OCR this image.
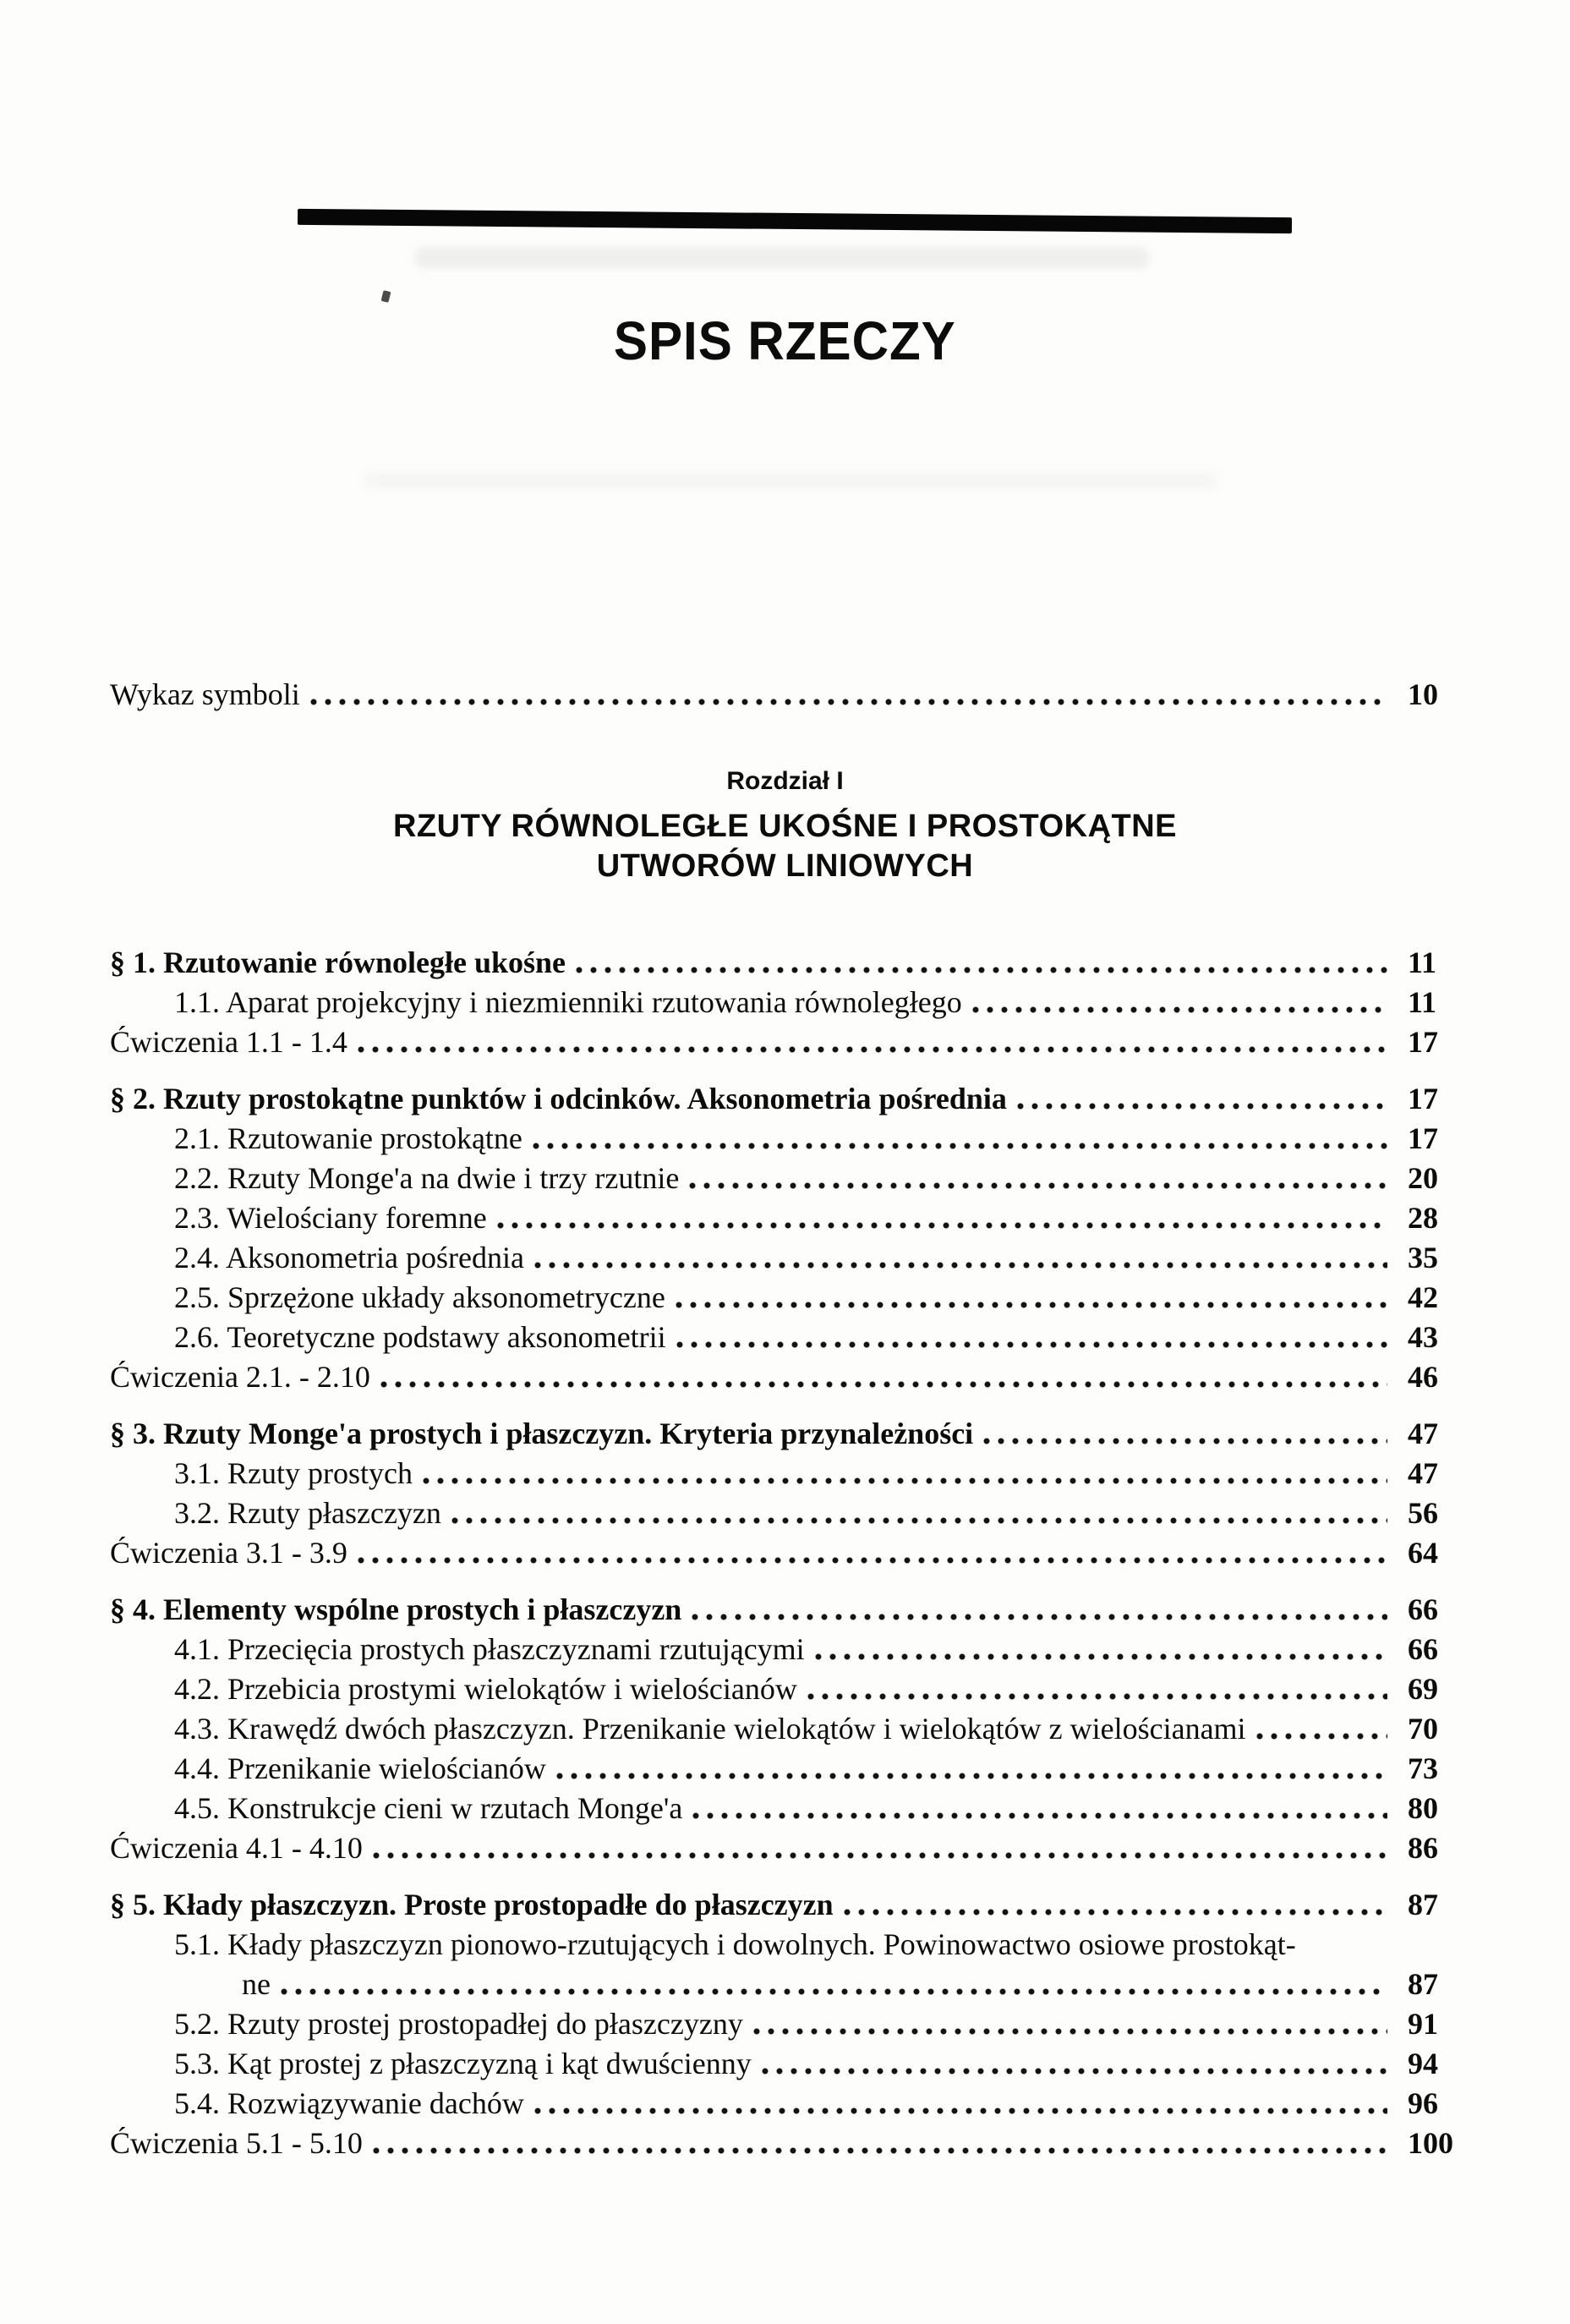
SPIS RZECZY
Wykaz symboli	10
Rozdział I
RZUTY RÓWNOLEGŁE UKOŚNE I PROSTOKĄTNE
UTWORÓW LINIOWYCH
§ 1. Rzutowanie równoległe ukośne	11
1.1. Aparat projekcyjny i niezmienniki rzutowania równoległego	11
Ćwiczenia 1.1 - 1.4	17
§ 2. Rzuty prostokątne punktów i odcinków. Aksonometria pośrednia	17
2.1. Rzutowanie prostokątne	17
2.2. Rzuty Monge'a na dwie i trzy rzutnie	20
2.3. Wielościany foremne	28
2.4. Aksonometria pośrednia	35
2.5. Sprzężone układy aksonometryczne	42
2.6. Teoretyczne podstawy aksonometrii	43
Ćwiczenia 2.1. - 2.10	46
§ 3. Rzuty Monge'a prostych i płaszczyzn. Kryteria przynależności	47
3.1. Rzuty prostych	47
3.2. Rzuty płaszczyzn	56
Ćwiczenia 3.1 - 3.9	64
§ 4. Elementy wspólne prostych i płaszczyzn	66
4.1. Przecięcia prostych płaszczyznami rzutującymi	66
4.2. Przebicia prostymi wielokątów i wielościanów	69
4.3. Krawędź dwóch płaszczyzn. Przenikanie wielokątów i wielokątów z wielościanami	70
4.4. Przenikanie wielościanów	73
4.5. Konstrukcje cieni w rzutach Monge'a	80
Ćwiczenia 4.1 - 4.10	86
§ 5. Kłady płaszczyzn. Proste prostopadłe do płaszczyzn	87
5.1. Kłady płaszczyzn pionowo-rzutujących i dowolnych. Powinowactwo osiowe prostokąt-
ne	87
5.2. Rzuty prostej prostopadłej do płaszczyzny	91
5.3. Kąt prostej z płaszczyzną i kąt dwuścienny	94
5.4. Rozwiązywanie dachów	96
Ćwiczenia 5.1 - 5.10	100
